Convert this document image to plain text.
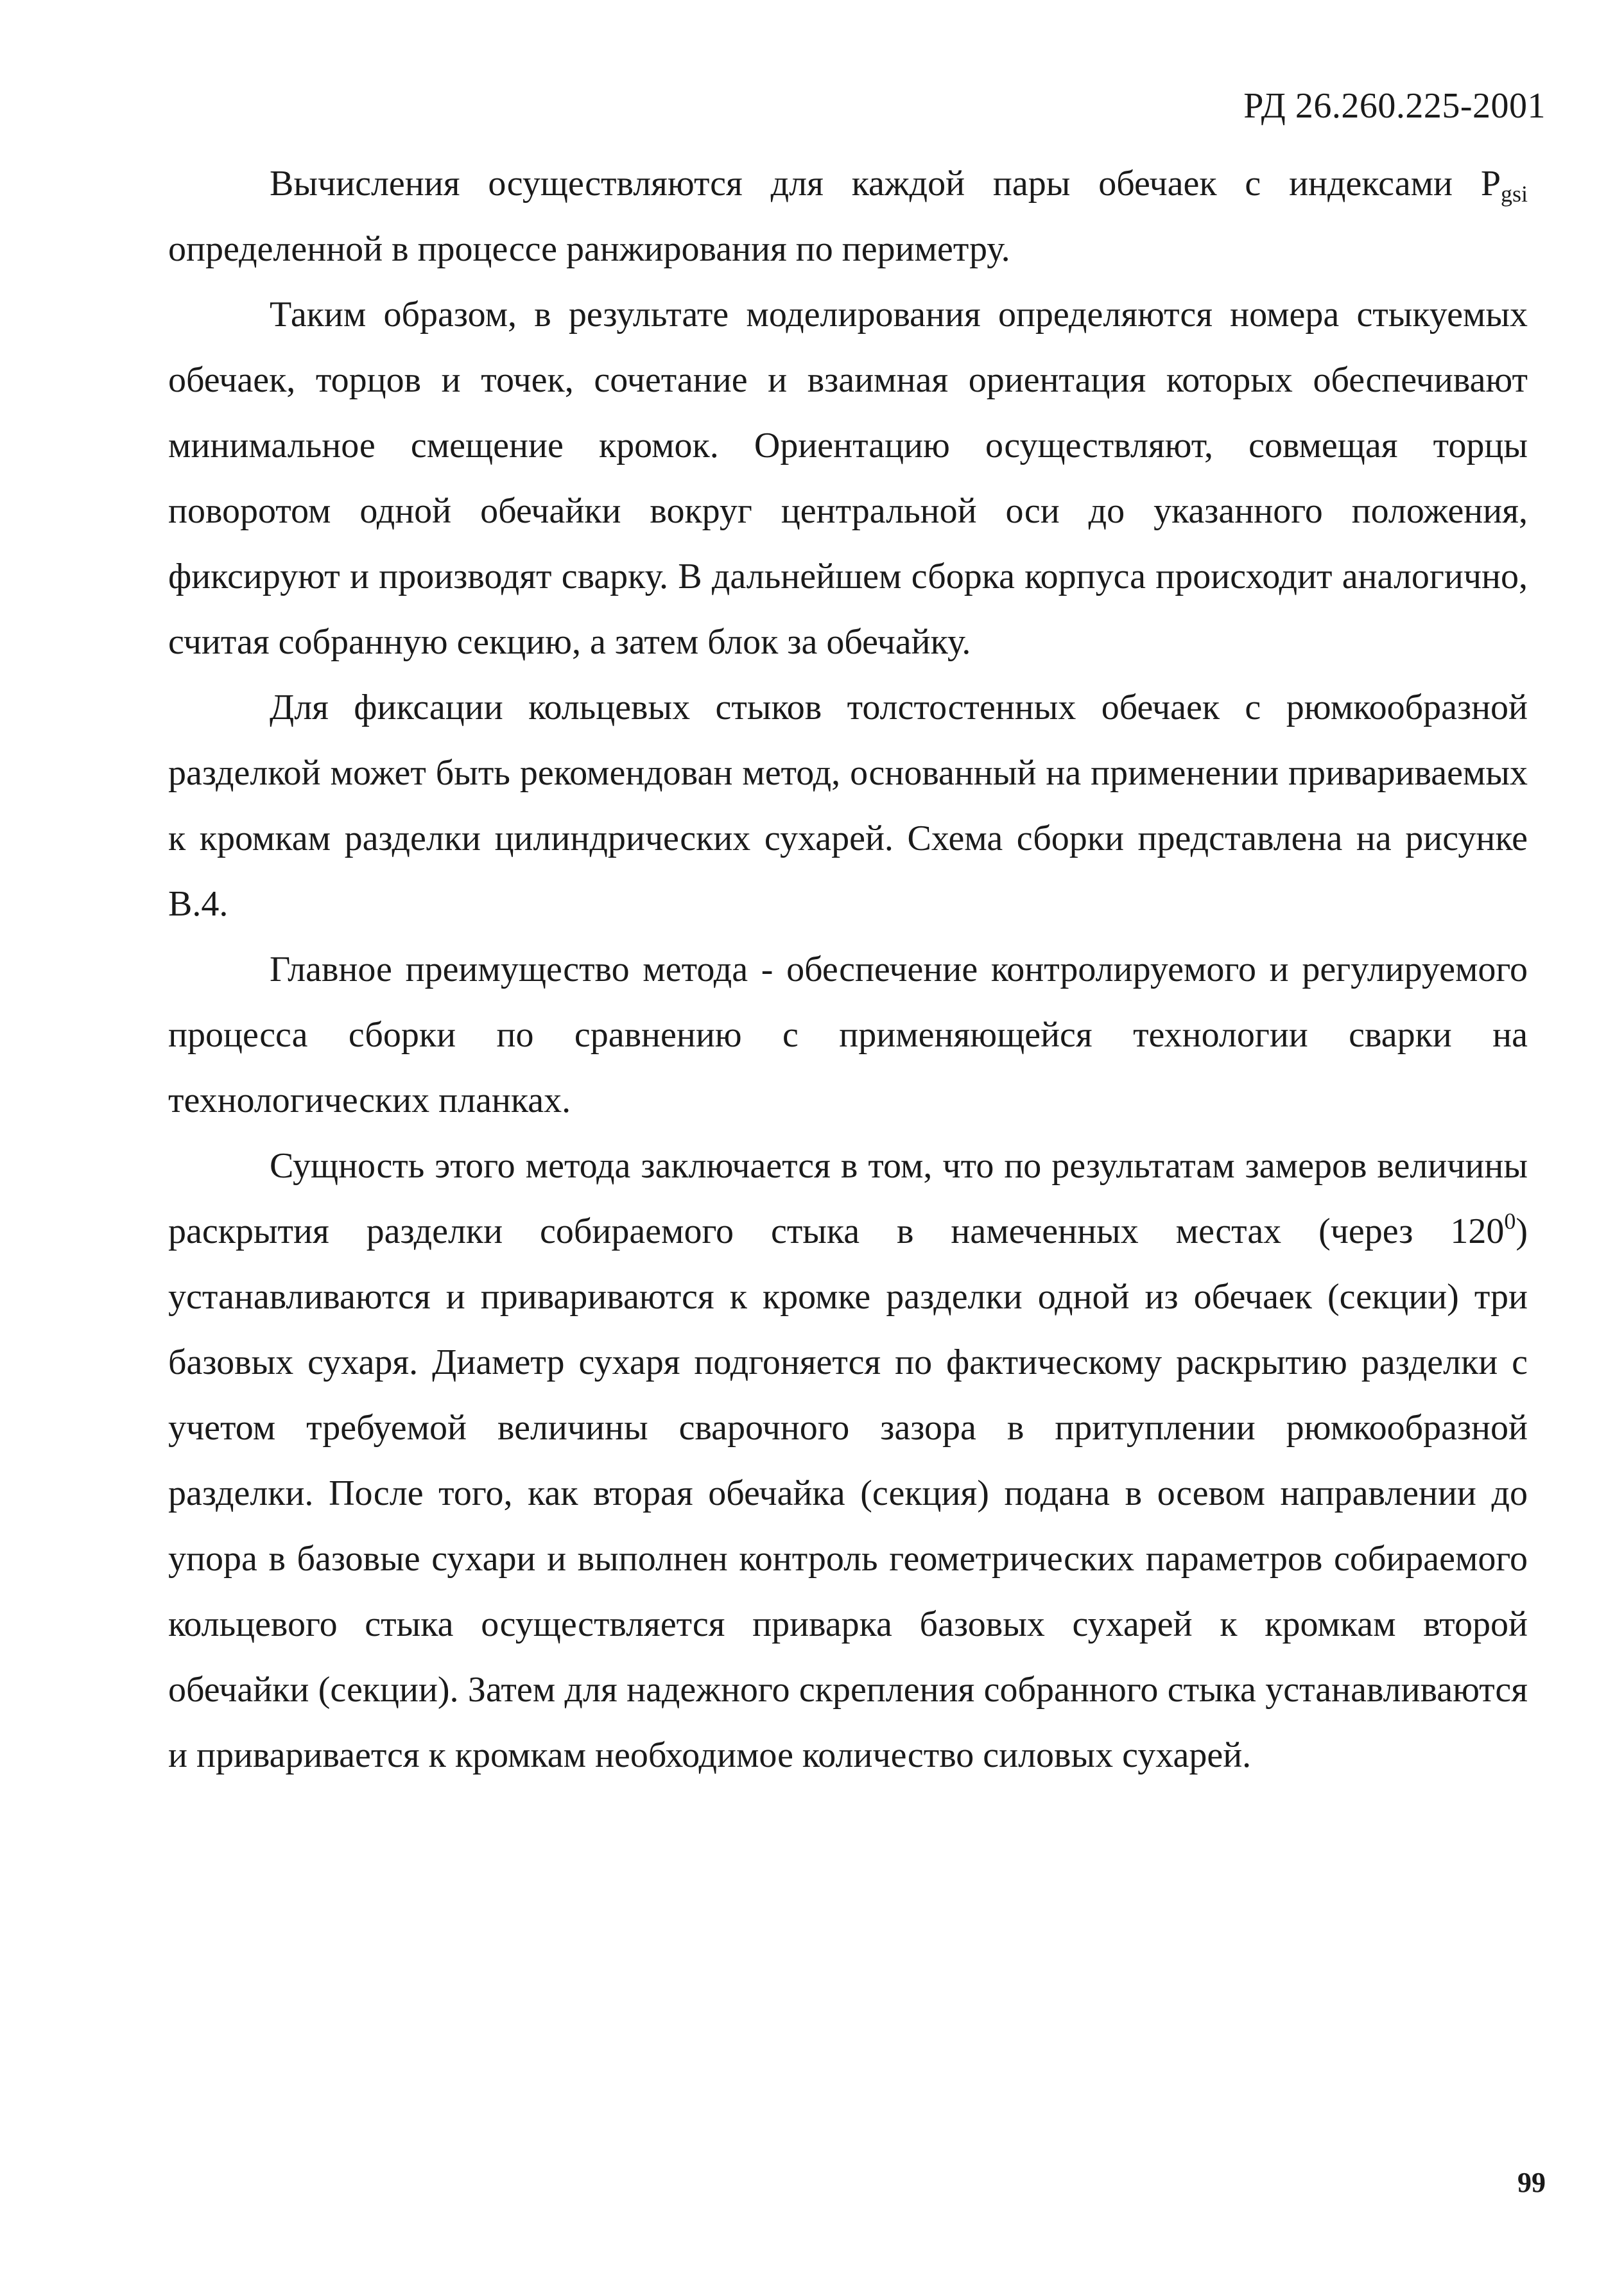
РД 26.260.225-2001

Вычисления осуществляются для каждой пары обечаек с индексами $P_{gsi}$ определенной в процессе ранжирования по периметру.

Таким образом, в результате моделирования определяются номера стыкуемых обечаек, торцов и точек, сочетание и взаимная ориентация которых обеспечивают минимальное смещение кромок. Ориентацию осуществляют, совмещая торцы поворотом одной обечайки вокруг центральной оси до указанного положения, фиксируют и производят сварку. В дальнейшем сборка корпуса происходит аналогично, считая собранную секцию, а затем блок за обечайку.

Для фиксации кольцевых стыков толстостенных обечаек с рюмкообразной разделкой может быть рекомендован метод, основанный на применении привариваемых к кромкам разделки цилиндрических сухарей. Схема сборки представлена на рисунке В.4.

Главное преимущество метода - обеспечение контролируемого и регулируемого процесса сборки по сравнению с применяющейся технологии сварки на технологических планках.

Сущность этого метода заключается в том, что по результатам замеров величины раскрытия разделки собираемого стыка в намеченных местах (через $120^0$) устанавливаются и привариваются к кромке разделки одной из обечаек (секции) три базовых сухаря. Диаметр сухаря подгоняется по фактическому раскрытию разделки с учетом требуемой величины сварочного зазора в притуплении рюмкообразной разделки. После того, как вторая обечайка (секция) подана в осевом направлении до упора в базовые сухари и выполнен контроль геометрических параметров собираемого кольцевого стыка осуществляется приварка базовых сухарей к кромкам второй обечайки (секции). Затем для надежного скрепления собранного стыка устанавливаются и приваривается к кромкам необходимое количество силовых сухарей.

99
